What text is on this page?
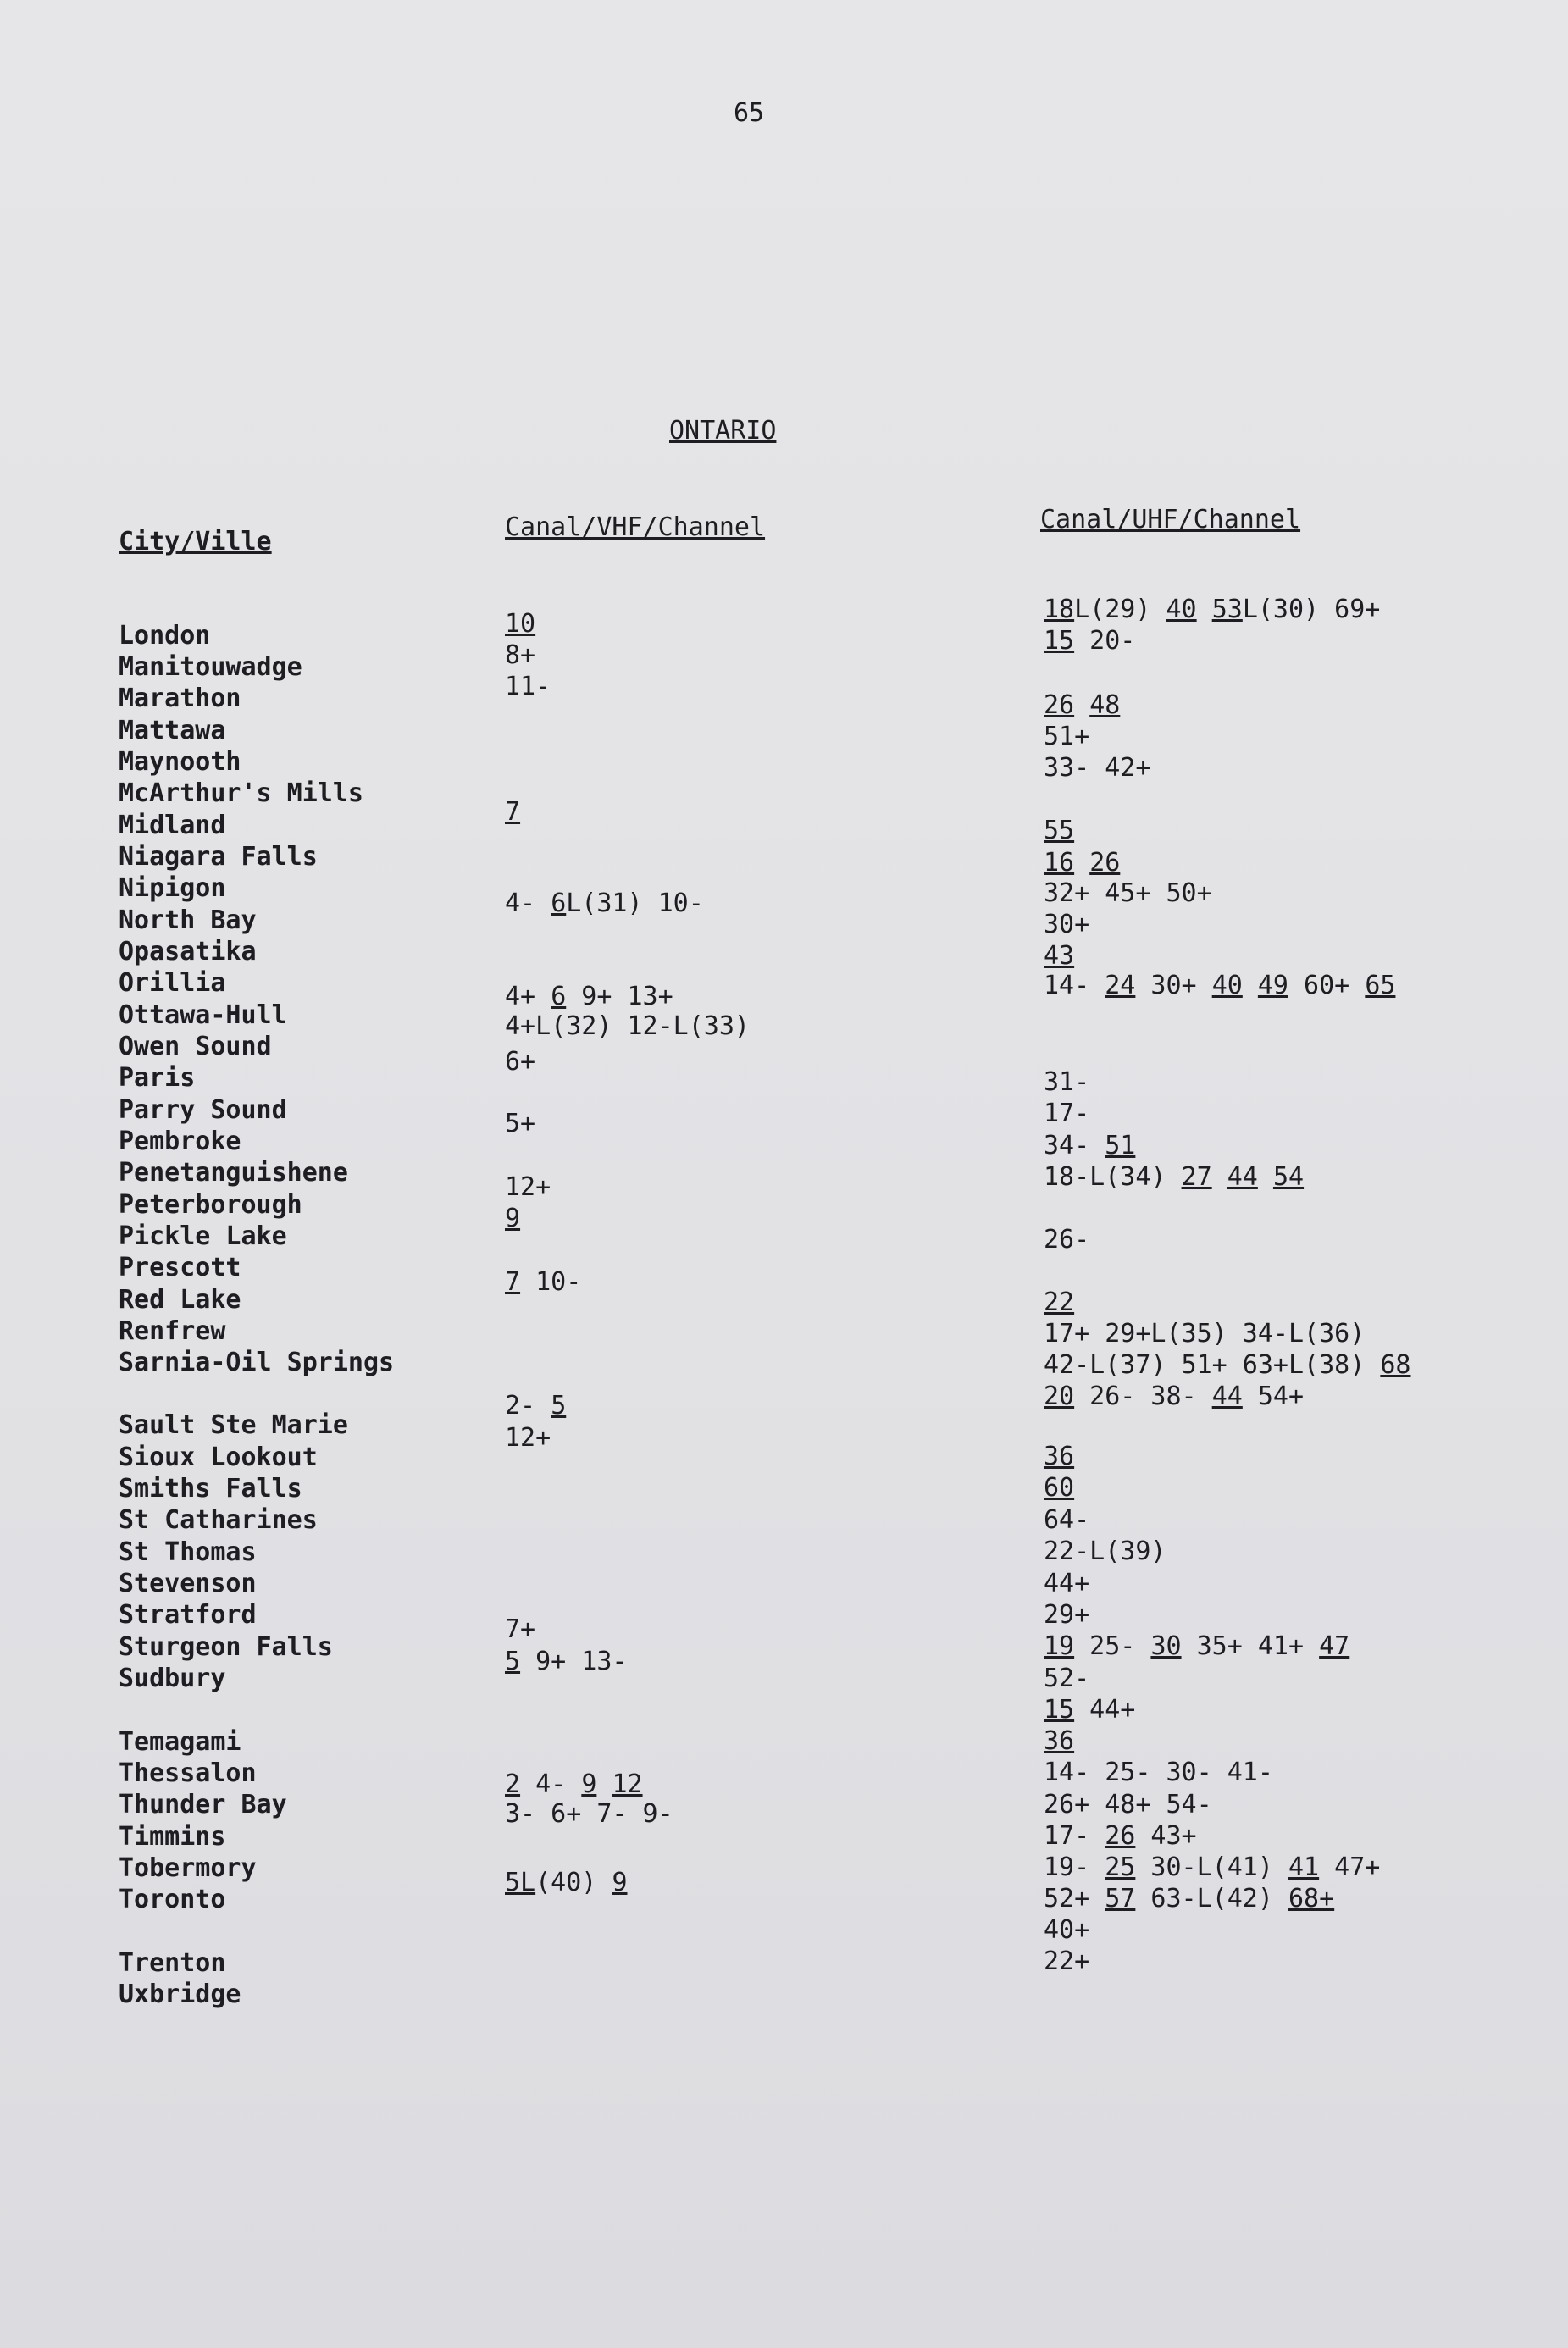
65
ONTARIO
City/Ville	Canal/VHF/Channel	Canal/UHF/Channel
London
Manitouwadge
Marathon
Mattawa
Maynooth
McArthur's Mills
Midland
Niagara Falls
Nipigon
North Bay
Opasatika
Orillia
Ottawa-Hull
Owen Sound
Paris
Parry Sound
Pembroke
Penetanguishene
Peterborough
Pickle Lake
Prescott
Red Lake
Renfrew
Sarnia-Oil Springs
Sault Ste Marie
Sioux Lookout
Smiths Falls
St Catharines
St Thomas
Stevenson
Stratford
Sturgeon Falls
Sudbury
Temagami
Thessalon
Thunder Bay
Timmins
Tobermory
Toronto
Trenton
Uxbridge
10
8+
11-
7
4- 6L(31) 10-
4+ 6 9+ 13+
4+L(32) 12-L(33)
6+
5+
12+
9
7 10-
2- 5
12+
7+
5 9+ 13-
2 4- 9 12
3- 6+ 7- 9-
5L(40) 9
18L(29) 40 53L(30) 69+
15 20-
26 48
51+
33- 42+
55
16 26
32+ 45+ 50+
30+
43
14- 24 30+ 40 49 60+ 65
31-
17-
34- 51
18-L(34) 27 44 54
26-
22
17+ 29+L(35) 34-L(36)
42-L(37) 51+ 63+L(38) 68
20 26- 38- 44 54+
36
60
64-
22-L(39)
44+
29+
19 25- 30 35+ 41+ 47
52-
15 44+
36
14- 25- 30- 41-
26+ 48+ 54-
17- 26 43+
19- 25 30-L(41) 41 47+
52+ 57 63-L(42) 68+
40+
22+
